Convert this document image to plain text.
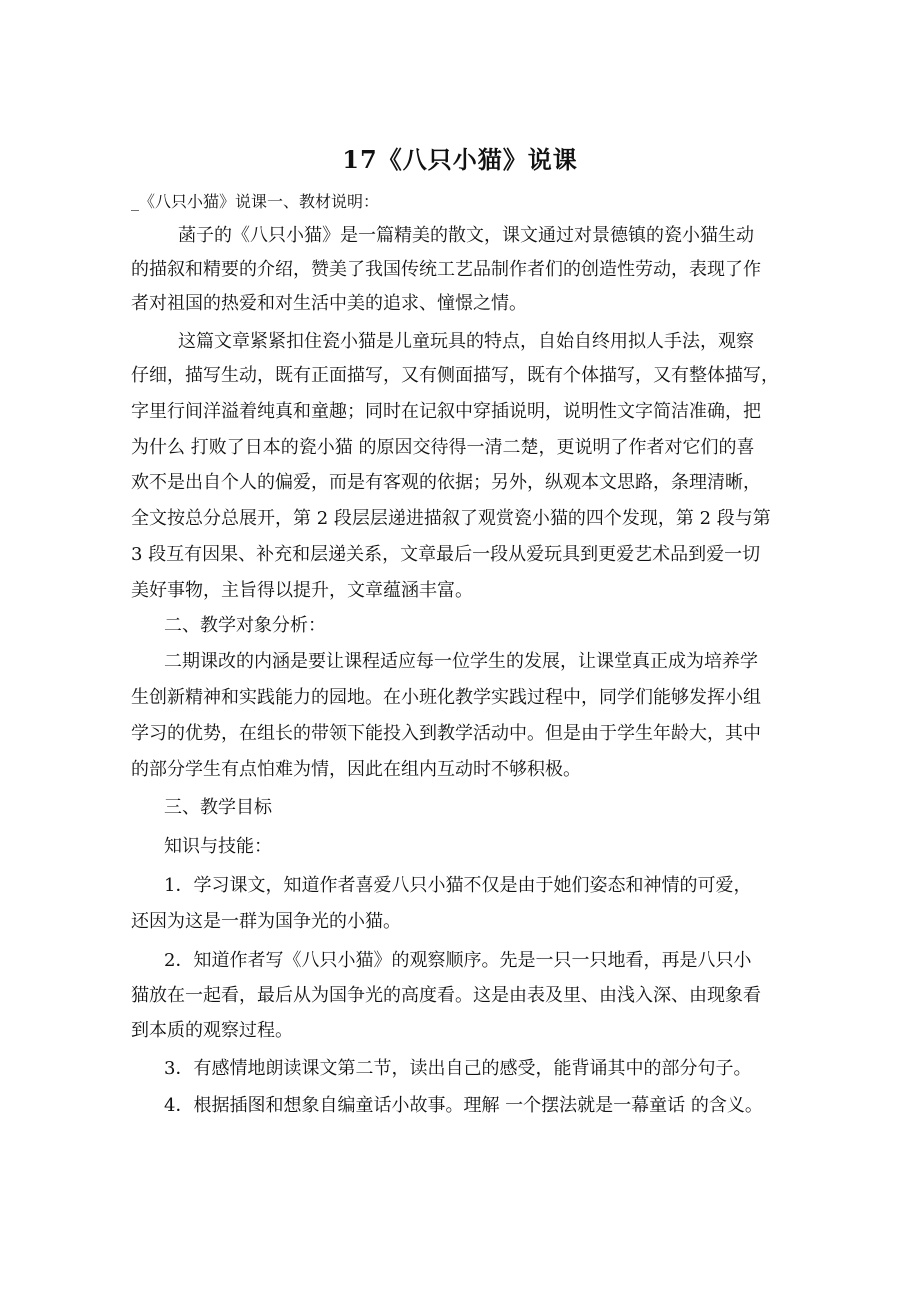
17《八只小猫》说课
_《八只小猫》说课一、教材说明：
菡子的《八只小猫》是一篇精美的散文，课文通过对景德镇的瓷小猫生动
的描叙和精要的介绍，赞美了我国传统工艺品制作者们的创造性劳动，表现了作
者对祖国的热爱和对生活中美的追求、憧憬之情。
这篇文章紧紧扣住瓷小猫是儿童玩具的特点，自始自终用拟人手法，观察
仔细，描写生动，既有正面描写，又有侧面描写，既有个体描写，又有整体描写，
字里行间洋溢着纯真和童趣；同时在记叙中穿插说明，说明性文字简洁准确，把
为什么 打败了日本的瓷小猫 的原因交待得一清二楚，更说明了作者对它们的喜
欢不是出自个人的偏爱，而是有客观的依据；另外，纵观本文思路，条理清晰，
全文按总分总展开，第 2 段层层递进描叙了观赏瓷小猫的四个发现，第 2 段与第
3 段互有因果、补充和层递关系，文章最后一段从爱玩具到更爱艺术品到爱一切
美好事物，主旨得以提升，文章蕴涵丰富。
二、教学对象分析：
二期课改的内涵是要让课程适应每一位学生的发展，让课堂真正成为培养学
生创新精神和实践能力的园地。在小班化教学实践过程中，同学们能够发挥小组
学习的优势，在组长的带领下能投入到教学活动中。但是由于学生年龄大，其中
的部分学生有点怕难为情，因此在组内互动时不够积极。
三、教学目标
知识与技能：
1．学习课文，知道作者喜爱八只小猫不仅是由于她们姿态和神情的可爱，
还因为这是一群为国争光的小猫。
2．知道作者写《八只小猫》的观察顺序。先是一只一只地看，再是八只小
猫放在一起看，最后从为国争光的高度看。这是由表及里、由浅入深、由现象看
到本质的观察过程。
3．有感情地朗读课文第二节，读出自己的感受，能背诵其中的部分句子。
4．根据插图和想象自编童话小故事。理解 一个摆法就是一幕童话 的含义。
